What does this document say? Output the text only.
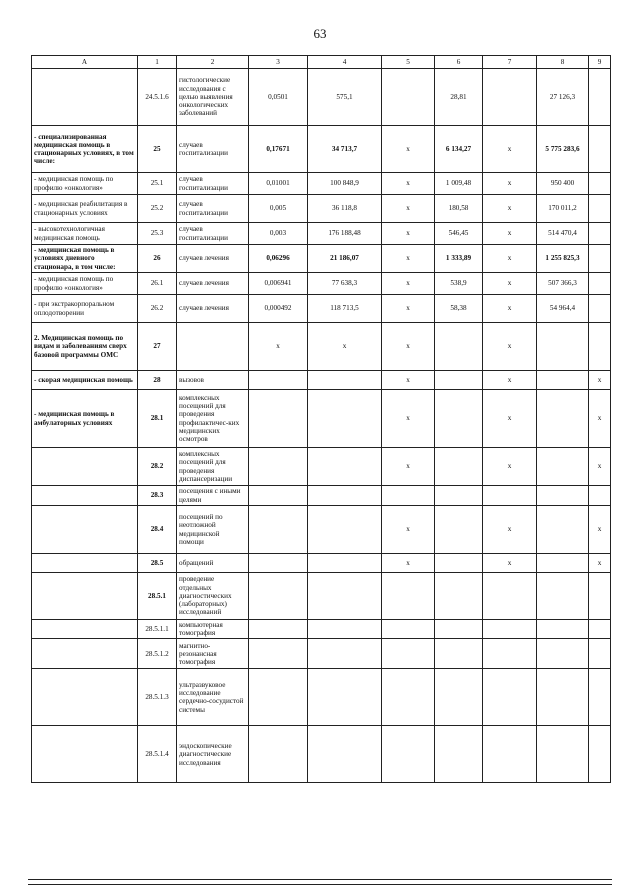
63
А	1	2	3	4	5	6	7	8	9
	24.5.1.6	гистологические исследования с целью выявления онкологических заболеваний	0,0501	575,1		28,81		27 126,3	
- специализированная медицинская помощь в стационарных условиях, в том числе:	25	случаев госпитализации	0,17671	34 713,7	x	6 134,27	x	5 775 283,6	
- медицинская помощь по профилю «онкология»	25.1	случаев госпитализации	0,01001	100 848,9	x	1 009,48	x	950 400	
- медицинская реабилитация в стационарных условиях	25.2	случаев госпитализации	0,005	36 118,8	x	180,58	x	170 011,2	
- высокотехнологичная медицинская помощь	25.3	случаев госпитализации	0,003	176 188,48	x	546,45	x	514 470,4	
- медицинская помощь в условиях дневного стационара, в том числе:	26	случаев лечения	0,06296	21 186,07	x	1 333,89	x	1 255 825,3	
- медицинская помощь по профилю «онкология»	26.1	случаев лечения	0,006941	77 638,3	x	538,9	x	507 366,3	
- при экстракорпоральном оплодотворении	26.2	случаев лечения	0,000492	118 713,5	x	58,38	x	54 964,4	
2. Медицинская помощь по видам и заболеваниям сверх базовой программы ОМС	27		x	x	x		x		
- скорая медицинская помощь	28	вызовов			x		x		x
- медицинская помощь в амбулаторных условиях	28.1	комплексных посещений для проведения профилактичес-ких медицинских осмотров			x		x		x
	28.2	комплексных посещений для проведения диспансеризации			x		x		x
	28.3	посещения с иными целями							
	28.4	посещений по неотложной медицинской помощи			x		x		x
	28.5	обращений			x		x		x
	28.5.1	проведение отдельных диагностических (лабораторных) исследований							
	28.5.1.1	компьютерная томография							
	28.5.1.2	магнитно-резонансная томография							
	28.5.1.3	ультразвуковое исследование сердечно-сосудистой системы							
	28.5.1.4	эндоскопические диагностические исследования							
